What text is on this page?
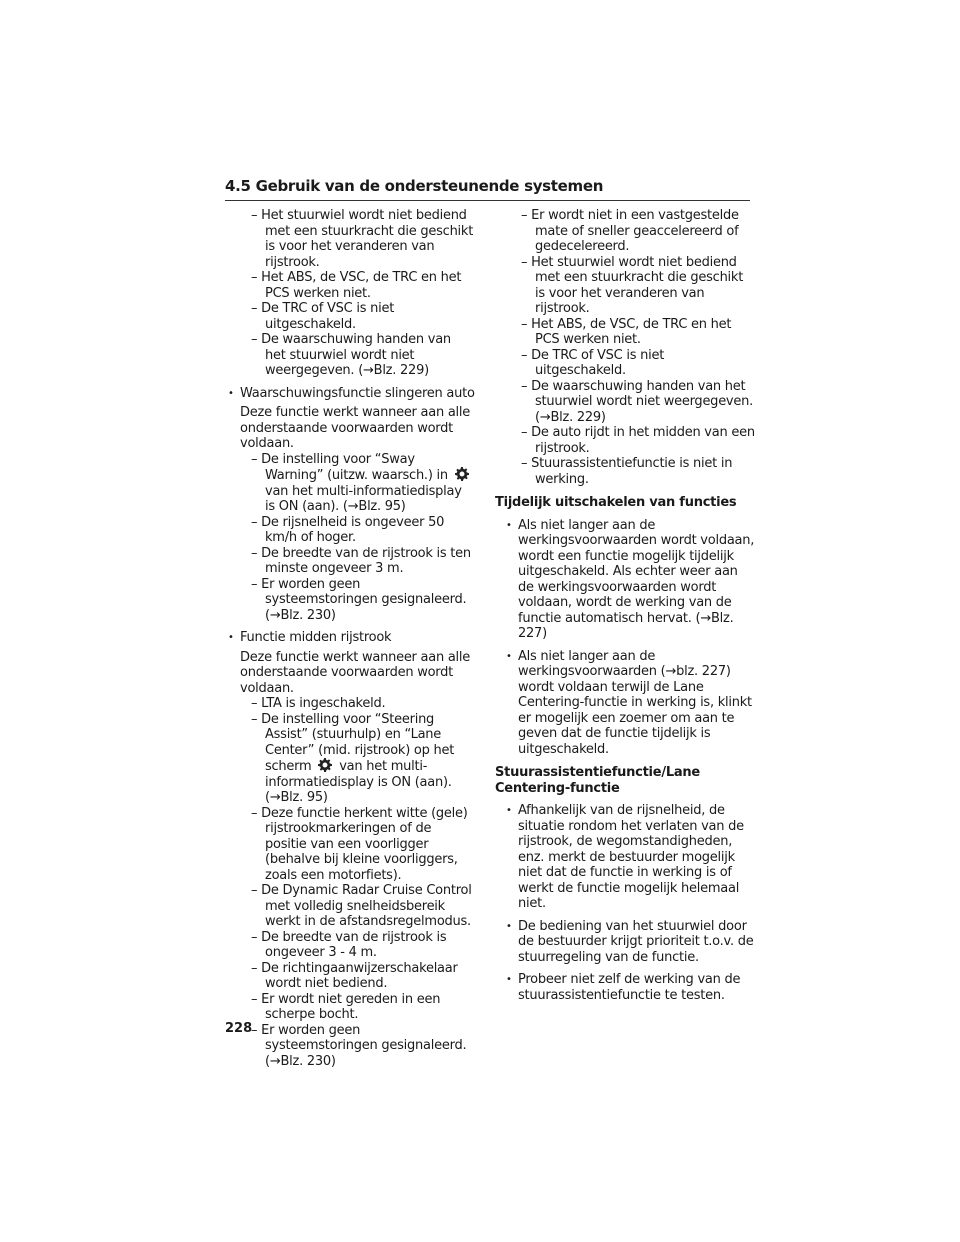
4.5 Gebruik van de ondersteunende systemen

– Het stuurwiel wordt niet bediend met een stuurkracht die geschikt is voor het veranderen van rijstrook.

– Het ABS, de VSC, de TRC en het PCS werken niet.

– De TRC of VSC is niet uitgeschakeld.

– De waarschuwing handen van het stuurwiel wordt niet weergegeven. (→Blz. 229)

• Waarschuwingsfunctie slingeren auto

Deze functie werkt wanneer aan alle onderstaande voorwaarden wordt voldaan.

– De instelling voor “Sway Warning” (uitzw. waarsch.) in  van het multi-informatiedisplay is ON (aan). (→Blz. 95)

– De rijsnelheid is ongeveer 50 km/h of hoger.

– De breedte van de rijstrook is ten minste ongeveer 3 m.

– Er worden geen systeemstoringen gesignaleerd. (→Blz. 230)

• Functie midden rijstrook

Deze functie werkt wanneer aan alle onderstaande voorwaarden wordt voldaan.

– LTA is ingeschakeld.

– De instelling voor “Steering Assist” (stuurhulp) en “Lane Center” (mid. rijstrook) op het scherm van het multi-informatiedisplay is ON (aan). (→Blz. 95)

– Deze functie herkent witte (gele) rijstrookmarkeringen of de positie van een voorligger (behalve bij kleine voorliggers, zoals een motorfiets).

– De Dynamic Radar Cruise Control met volledig snelheidsbereik werkt in de afstandsregelmodus.

– De breedte van de rijstrook is ongeveer 3 - 4 m.

– De richtingaanwijzerschakelaar wordt niet bediend.

– Er wordt niet gereden in een scherpe bocht.

– Er worden geen systeemstoringen gesignaleerd. (→Blz. 230)

– Er wordt niet in een vastgestelde mate of sneller geaccelereerd of gedecelereerd.

– Het stuurwiel wordt niet bediend met een stuurkracht die geschikt is voor het veranderen van rijstrook.

– Het ABS, de VSC, de TRC en het PCS werken niet.

– De TRC of VSC is niet uitgeschakeld.

– De waarschuwing handen van het stuurwiel wordt niet weergegeven. (→Blz. 229)

– De auto rijdt in het midden van een rijstrook.

– Stuurassistentiefunctie is niet in werking.

Tijdelijk uitschakelen van functies

• Als niet langer aan de werkingsvoorwaarden wordt voldaan, wordt een functie mogelijk tijdelijk uitgeschakeld. Als echter weer aan de werkingsvoorwaarden wordt voldaan, wordt de werking van de functie automatisch hervat. (→Blz. 227)

• Als niet langer aan de werkingsvoorwaarden (→blz. 227) wordt voldaan terwijl de Lane Centering-functie in werking is, klinkt er mogelijk een zoemer om aan te geven dat de functie tijdelijk is uitgeschakeld.

Stuurassistentiefunctie/Lane Centering-functie

• Afhankelijk van de rijsnelheid, de situatie rondom het verlaten van de rijstrook, de wegomstandigheden, enz. merkt de bestuurder mogelijk niet dat de functie in werking is of werkt de functie mogelijk helemaal niet.

• De bediening van het stuurwiel door de bestuurder krijgt prioriteit t.o.v. de stuurregeling van de functie.

• Probeer niet zelf de werking van de stuurassistentiefunctie te testen.

228
